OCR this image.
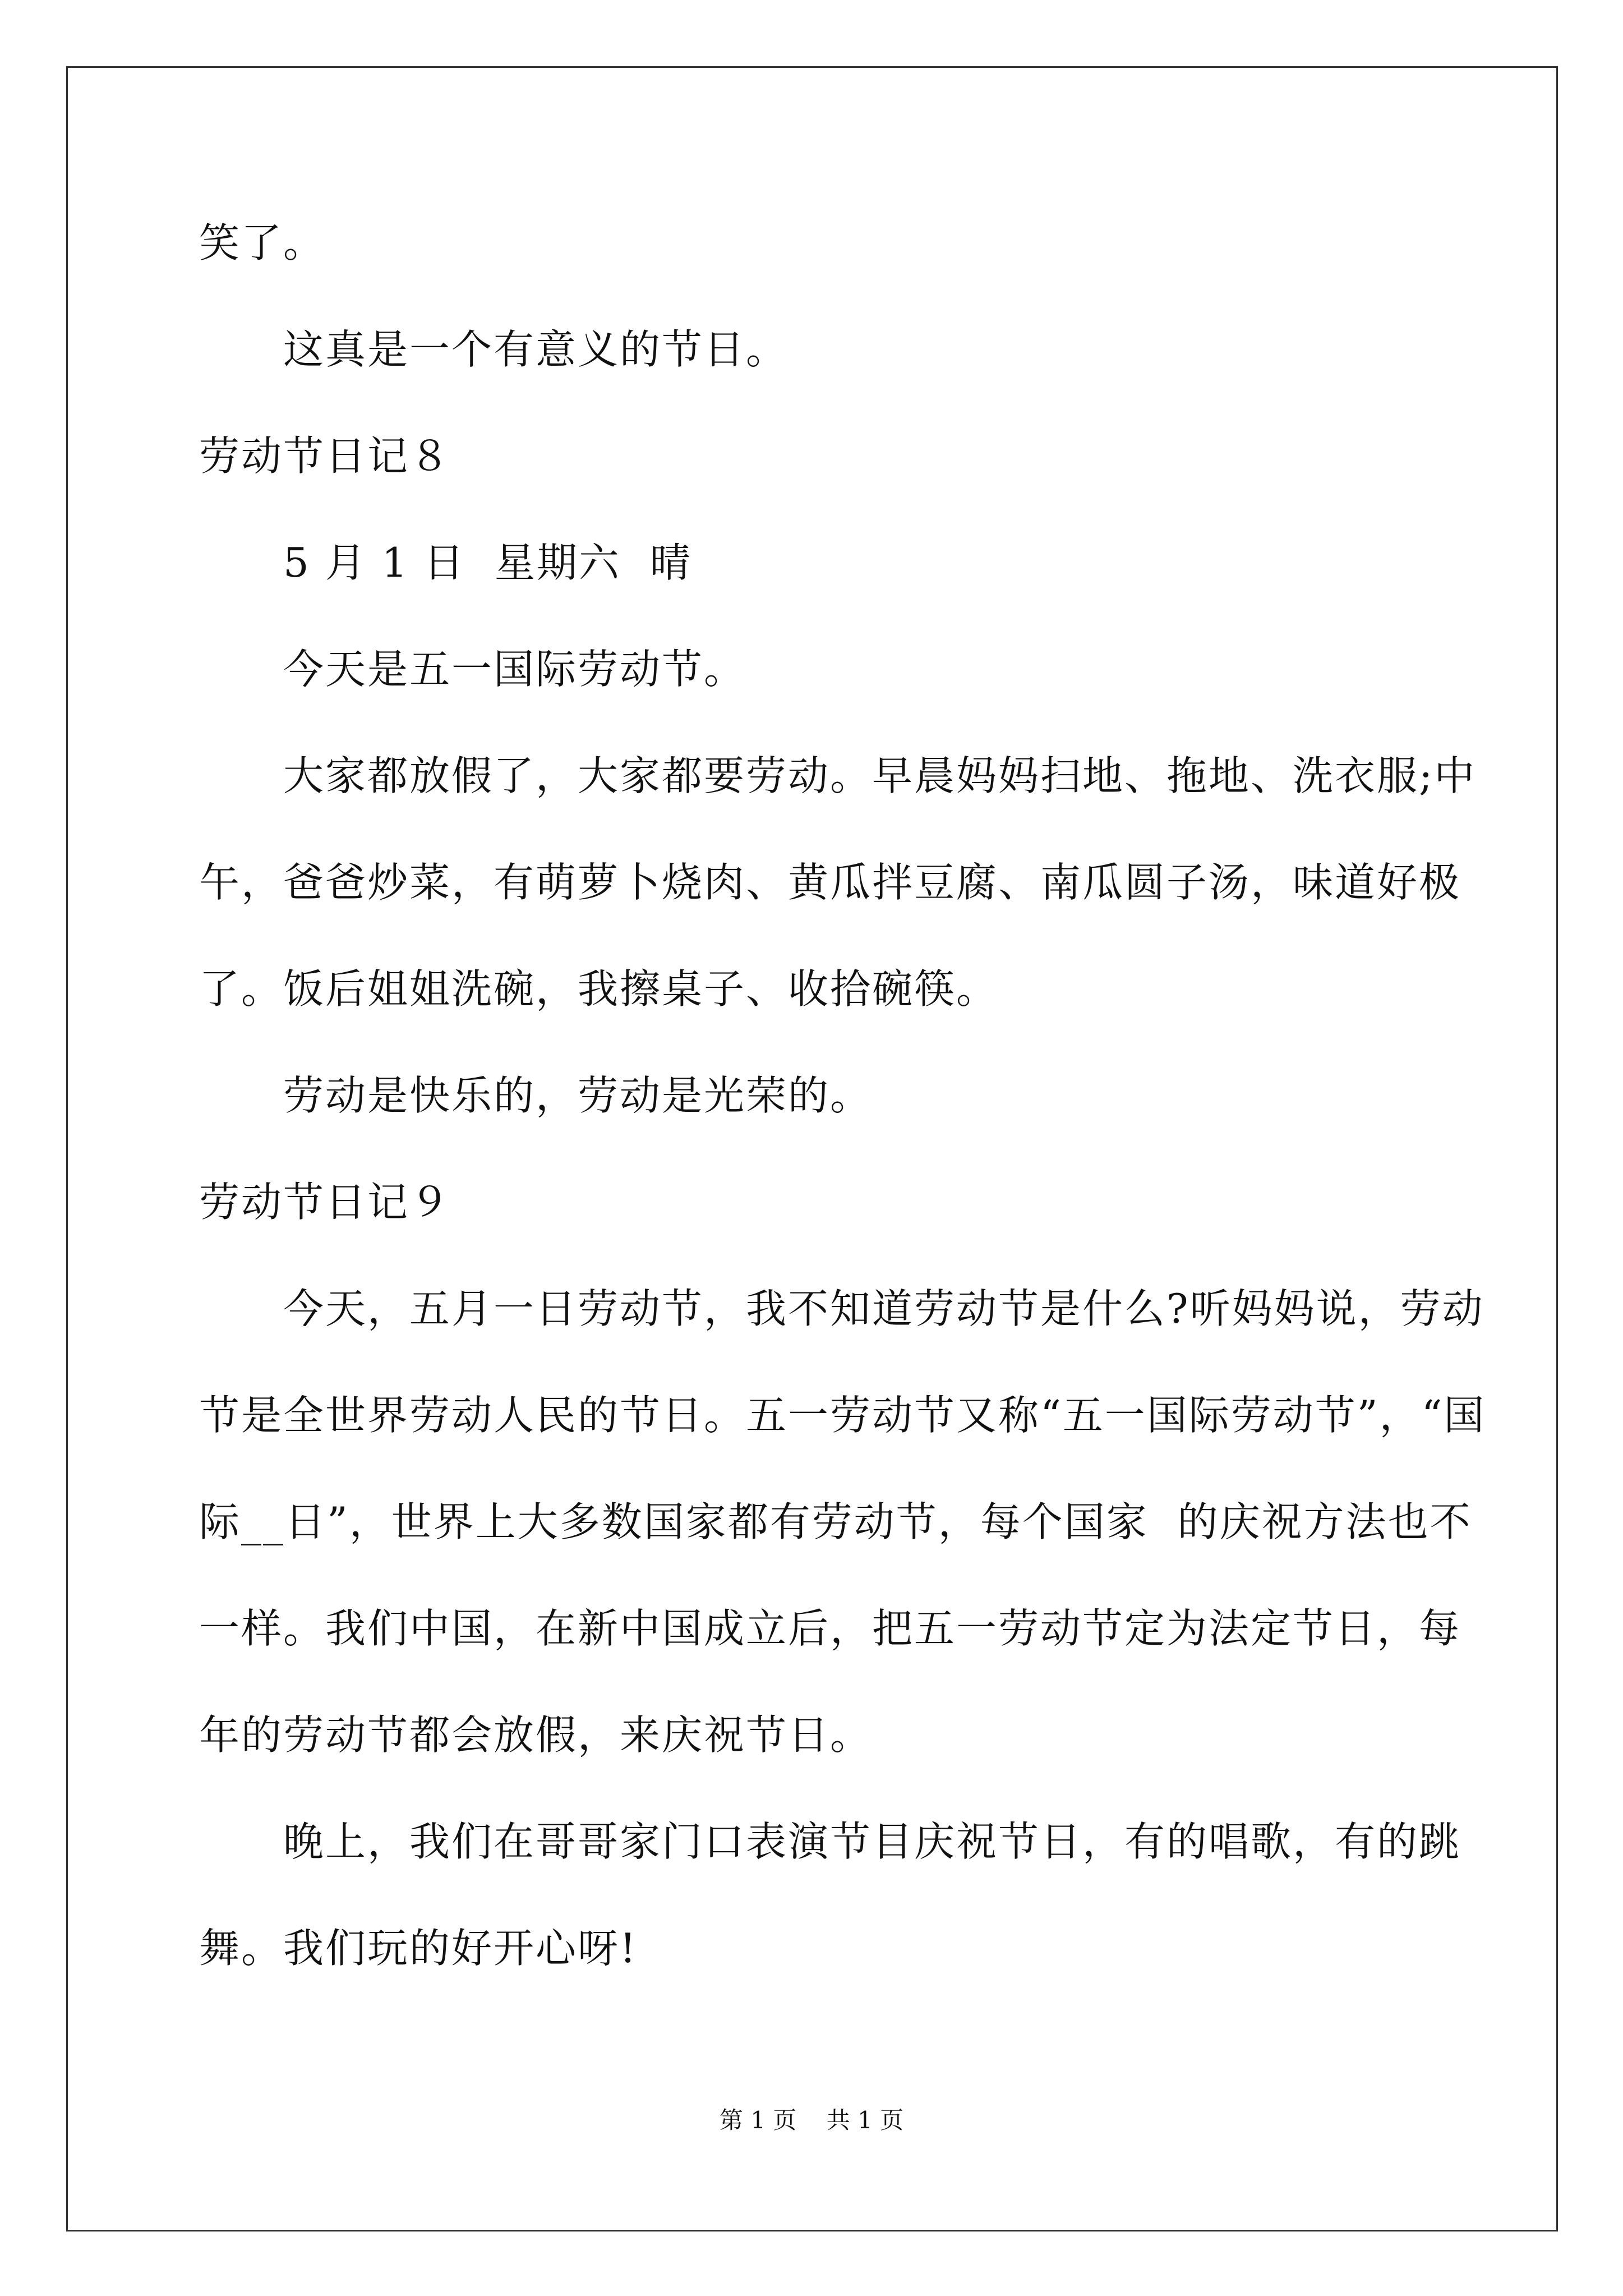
笑了。
这真是一个有意义的节日。
劳动节日记８
5 月 1 日  星期六  晴
今天是五一国际劳动节。
大家都放假了，大家都要劳动。早晨妈妈扫地、拖地、洗衣服;中
午，爸爸炒菜，有萌萝卜烧肉、黄瓜拌豆腐、南瓜圆子汤，味道好极
了。饭后姐姐洗碗，我擦桌子、收拾碗筷。
劳动是快乐的，劳动是光荣的。
劳动节日记９
今天，五月一日劳动节，我不知道劳动节是什么?听妈妈说，劳动
节是全世界劳动人民的节日。五一劳动节又称“五一国际劳动节”，“国
际__日”，世界上大多数国家都有劳动节，每个国家  的庆祝方法也不
一样。我们中国，在新中国成立后，把五一劳动节定为法定节日，每
年的劳动节都会放假，来庆祝节日。
晚上，我们在哥哥家门口表演节目庆祝节日，有的唱歌，有的跳
舞。我们玩的好开心呀!
第 1 页    共 1 页
